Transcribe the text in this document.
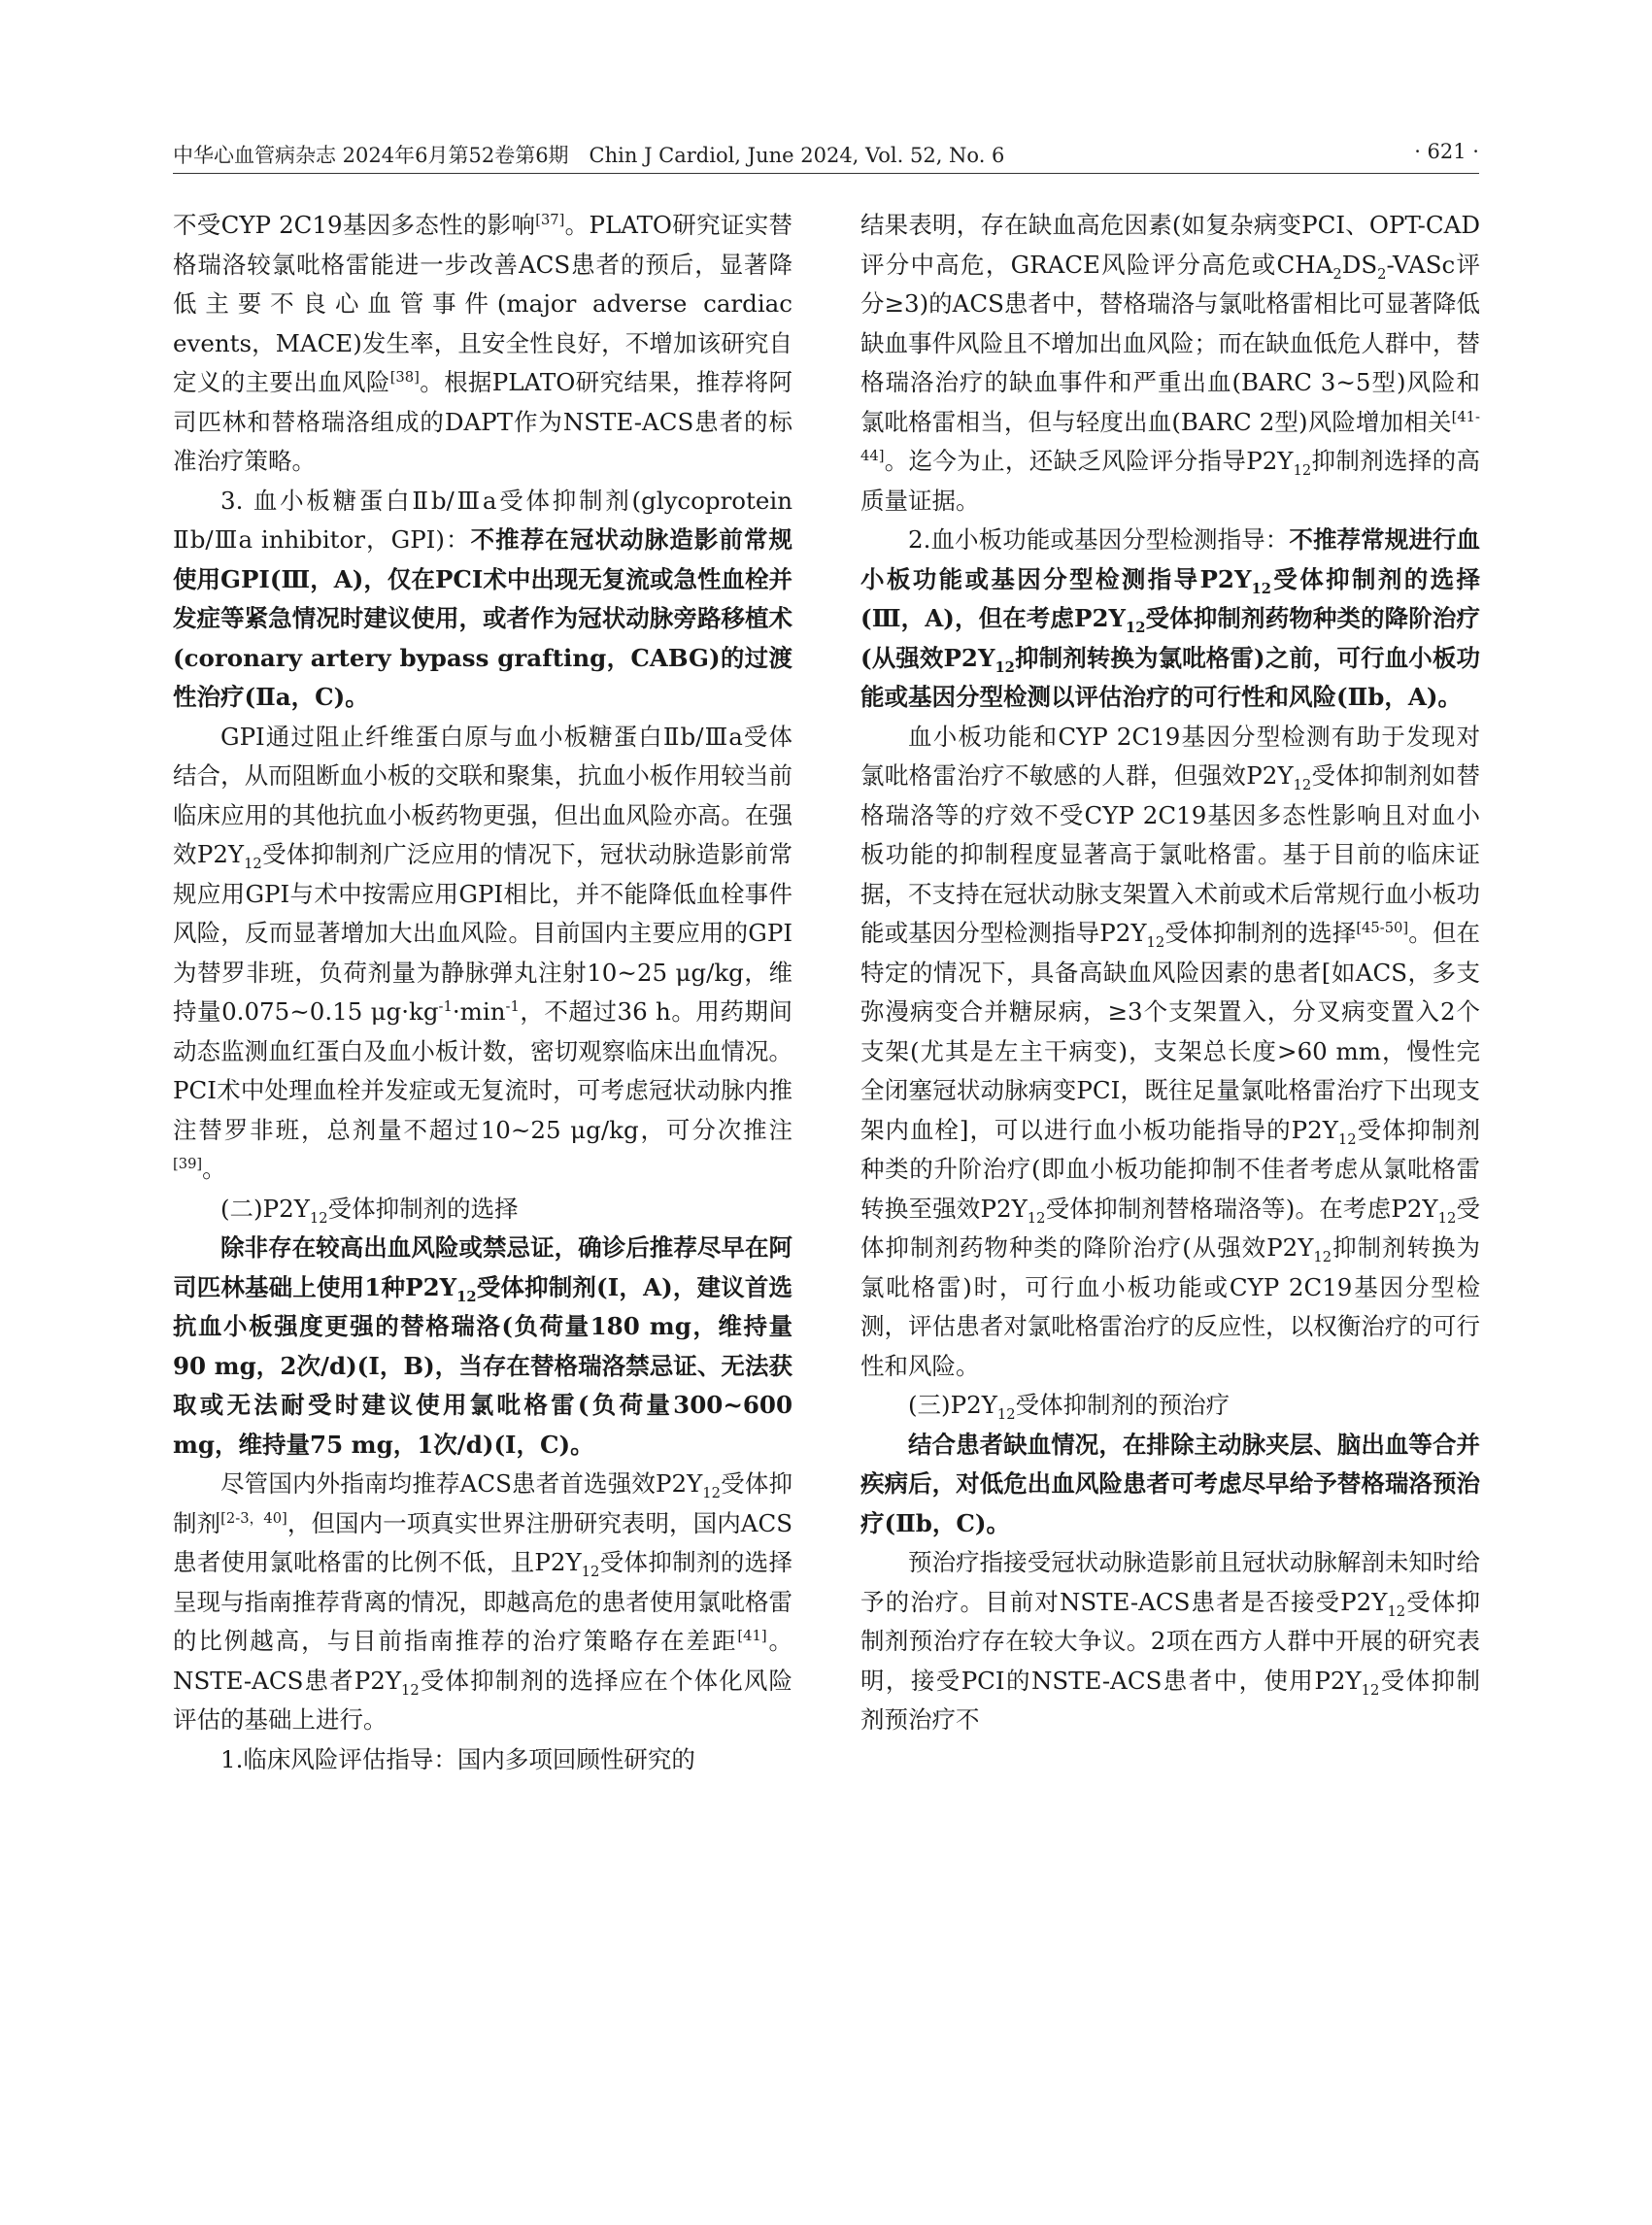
中华心血管病杂志 2024年6月第52卷第6期　Chin J Cardiol, June 2024, Vol. 52, No. 6	· 621 ·

不受CYP 2C19基因多态性的影响[37]。PLATO研究证实替格瑞洛较氯吡格雷能进一步改善ACS患者的预后，显著降低主要不良心血管事件(major adverse cardiac events，MACE)发生率，且安全性良好，不增加该研究自定义的主要出血风险[38]。根据PLATO研究结果，推荐将阿司匹林和替格瑞洛组成的DAPT作为NSTE-ACS患者的标准治疗策略。

3. 血小板糖蛋白Ⅱb/Ⅲa受体抑制剂(glycoprotein Ⅱb/Ⅲa inhibitor，GPI)：不推荐在冠状动脉造影前常规使用GPI(Ⅲ，A)，仅在PCI术中出现无复流或急性血栓并发症等紧急情况时建议使用，或者作为冠状动脉旁路移植术(coronary artery bypass grafting，CABG)的过渡性治疗(Ⅱa，C)。

GPI通过阻止纤维蛋白原与血小板糖蛋白Ⅱb/Ⅲa受体结合，从而阻断血小板的交联和聚集，抗血小板作用较当前临床应用的其他抗血小板药物更强，但出血风险亦高。在强效$P2Y_{12}$受体抑制剂广泛应用的情况下，冠状动脉造影前常规应用GPI与术中按需应用GPI相比，并不能降低血栓事件风险，反而显著增加大出血风险。目前国内主要应用的GPI为替罗非班，负荷剂量为静脉弹丸注射10~25 μg/kg，维持量0.075~0.15 $\mu g\cdot kg^{-1}\cdot\min^{-1}$，不超过36 h。用药期间动态监测血红蛋白及血小板计数，密切观察临床出血情况。PCI术中处理血栓并发症或无复流时，可考虑冠状动脉内推注替罗非班，总剂量不超过10~25 μg/kg，可分次推注[39]。

(二)$P2Y_{12}$受体抑制剂的选择

除非存在较高出血风险或禁忌证，确诊后推荐尽早在阿司匹林基础上使用1种$P2Y_{12}$受体抑制剂(Ⅰ，A)，建议首选抗血小板强度更强的替格瑞洛(负荷量180 mg，维持量90 mg，2次/d)(Ⅰ，B)，当存在替格瑞洛禁忌证、无法获取或无法耐受时建议使用氯吡格雷(负荷量300~600 mg，维持量75 mg，1次/d)(Ⅰ，C)。

尽管国内外指南均推荐ACS患者首选强效$P2Y_{12}$受体抑制剂[2-3，40]，但国内一项真实世界注册研究表明，国内ACS患者使用氯吡格雷的比例不低，且$P2Y_{12}$受体抑制剂的选择呈现与指南推荐背离的情况，即越高危的患者使用氯吡格雷的比例越高，与目前指南推荐的治疗策略存在差距[41]。NSTE-ACS患者$P2Y_{12}$受体抑制剂的选择应在个体化风险评估的基础上进行。

1.临床风险评估指导：国内多项回顾性研究的

结果表明，存在缺血高危因素(如复杂病变PCI、OPT-CAD评分中高危，GRACE风险评分高危或$CHA_2DS_2$-VASc评分≥3)的ACS患者中，替格瑞洛与氯吡格雷相比可显著降低缺血事件风险且不增加出血风险；而在缺血低危人群中，替格瑞洛治疗的缺血事件和严重出血(BARC 3~5型)风险和氯吡格雷相当，但与轻度出血(BARC 2型)风险增加相关[41-44]。迄今为止，还缺乏风险评分指导$P2Y_{12}$抑制剂选择的高质量证据。

2.血小板功能或基因分型检测指导：不推荐常规进行血小板功能或基因分型检测指导$P2Y_{12}$受体抑制剂的选择(Ⅲ，A)，但在考虑$P2Y_{12}$受体抑制剂药物种类的降阶治疗(从强效$P2Y_{12}$抑制剂转换为氯吡格雷)之前，可行血小板功能或基因分型检测以评估治疗的可行性和风险(Ⅱb，A)。

血小板功能和CYP 2C19基因分型检测有助于发现对氯吡格雷治疗不敏感的人群，但强效$P2Y_{12}$受体抑制剂如替格瑞洛等的疗效不受CYP 2C19基因多态性影响且对血小板功能的抑制程度显著高于氯吡格雷。基于目前的临床证据，不支持在冠状动脉支架置入术前或术后常规行血小板功能或基因分型检测指导$P2Y_{12}$受体抑制剂的选择[45-50]。但在特定的情况下，具备高缺血风险因素的患者[如ACS，多支弥漫病变合并糖尿病，≥3个支架置入，分叉病变置入2个支架(尤其是左主干病变)，支架总长度>60 mm，慢性完全闭塞冠状动脉病变PCI，既往足量氯吡格雷治疗下出现支架内血栓]，可以进行血小板功能指导的$P2Y_{12}$受体抑制剂种类的升阶治疗(即血小板功能抑制不佳者考虑从氯吡格雷转换至强效$P2Y_{12}$受体抑制剂替格瑞洛等)。在考虑$P2Y_{12}$受体抑制剂药物种类的降阶治疗(从强效$P2Y_{12}$抑制剂转换为氯吡格雷)时，可行血小板功能或CYP 2C19基因分型检测，评估患者对氯吡格雷治疗的反应性，以权衡治疗的可行性和风险。

(三)$P2Y_{12}$受体抑制剂的预治疗

结合患者缺血情况，在排除主动脉夹层、脑出血等合并疾病后，对低危出血风险患者可考虑尽早给予替格瑞洛预治疗(Ⅱb，C)。

预治疗指接受冠状动脉造影前且冠状动脉解剖未知时给予的治疗。目前对NSTE-ACS患者是否接受$P2Y_{12}$受体抑制剂预治疗存在较大争议。2项在西方人群中开展的研究表明，接受PCI的NSTE-ACS患者中，使用$P2Y_{12}$受体抑制剂预治疗不
